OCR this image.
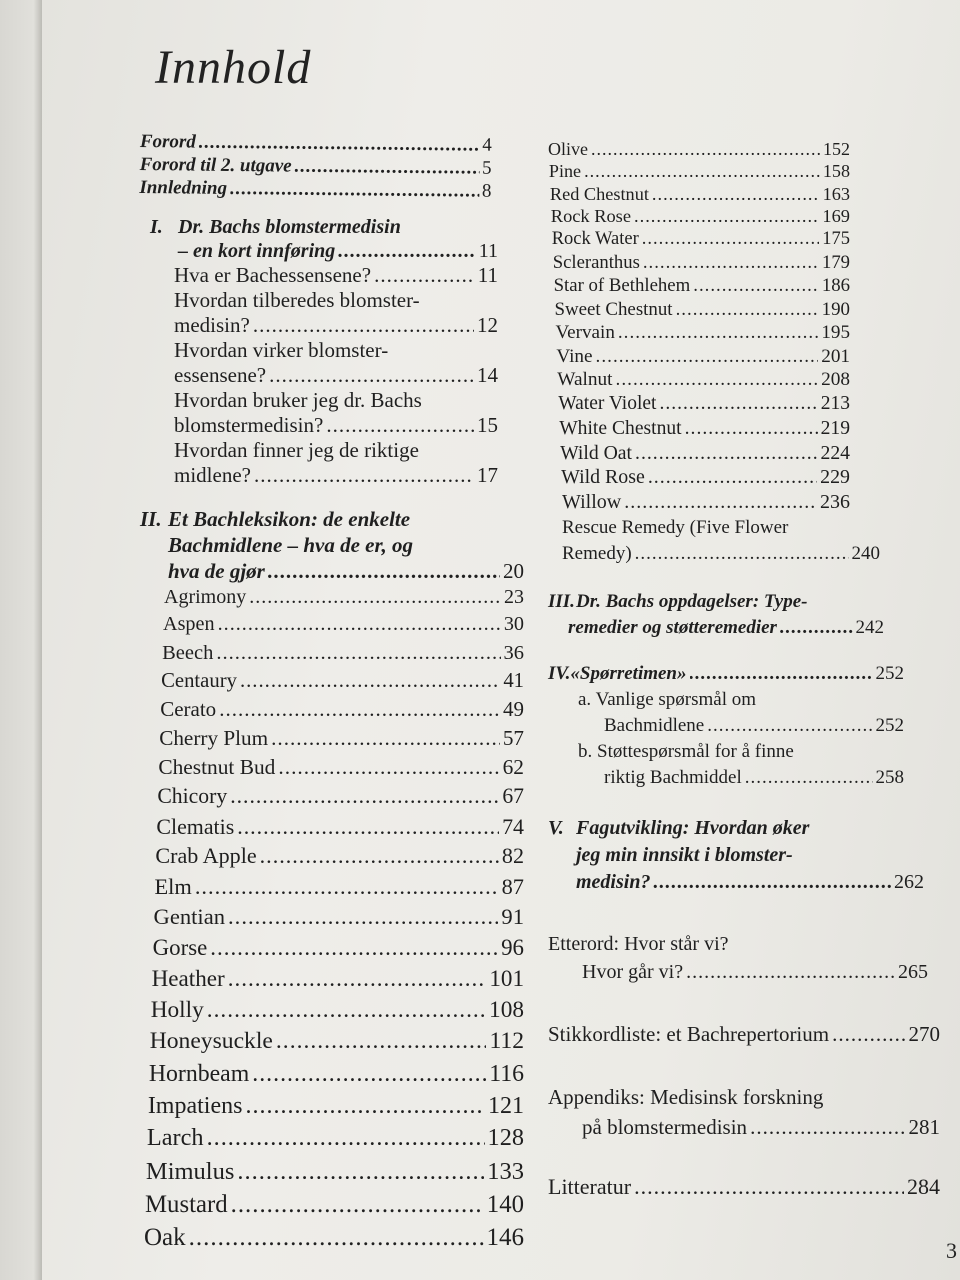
Innhold
Forord .....	4
Forord til 2. utgave .....	5
Innledning .....	8
I. Dr. Bachs blomstermedisin
– en kort innføring .....	11
Hva er Bachessensene? .....	11
Hvordan tilberedes blomster-
medisin? .....	12
Hvordan virker blomster-
essensene? .....	14
Hvordan bruker jeg dr. Bachs
blomstermedisin? .....	15
Hvordan finner jeg de riktige
midlene? .....	17
II. Et Bachleksikon: de enkelte
Bachmidlene – hva de er, og
hva de gjør .....	20
Agrimony .....	23
Aspen .....	30
Beech .....	36
Centaury .....	41
Cerato .....	49
Cherry Plum .....	57
Chestnut Bud .....	62
Chicory .....	67
Clematis .....	74
Crab Apple .....	82
Elm .....	87
Gentian .....	91
Gorse .....	96
Heather .....	101
Holly .....	108
Honeysuckle .....	112
Hornbeam .....	116
Impatiens .....	121
Larch .....	128
Mimulus .....	133
Mustard .....	140
Oak .....	146
Olive .....	152
Pine .....	158
Red Chestnut .....	163
Rock Rose .....	169
Rock Water .....	175
Scleranthus .....	179
Star of Bethlehem .....	186
Sweet Chestnut .....	190
Vervain .....	195
Vine .....	201
Walnut .....	208
Water Violet .....	213
White Chestnut .....	219
Wild Oat .....	224
Wild Rose .....	229
Willow .....	236
Rescue Remedy (Five Flower
Remedy) .....	240
III.Dr. Bachs oppdagelser: Type-
remedier og støtteremedier .....	242
IV. «Spørretimen» .....	252
a. Vanlige spørsmål om
Bachmidlene .....	252
b. Støttespørsmål for å finne
riktig Bachmiddel .....	258
V. Fagutvikling: Hvordan øker
jeg min innsikt i blomster-
medisin? .....	262
Etterord: Hvor står vi?
Hvor går vi? .....	265
Stikkordliste: et Bachrepertorium .....	270
Appendiks: Medisinsk forskning
på blomstermedisin .....	281
Litteratur .....	284
3
